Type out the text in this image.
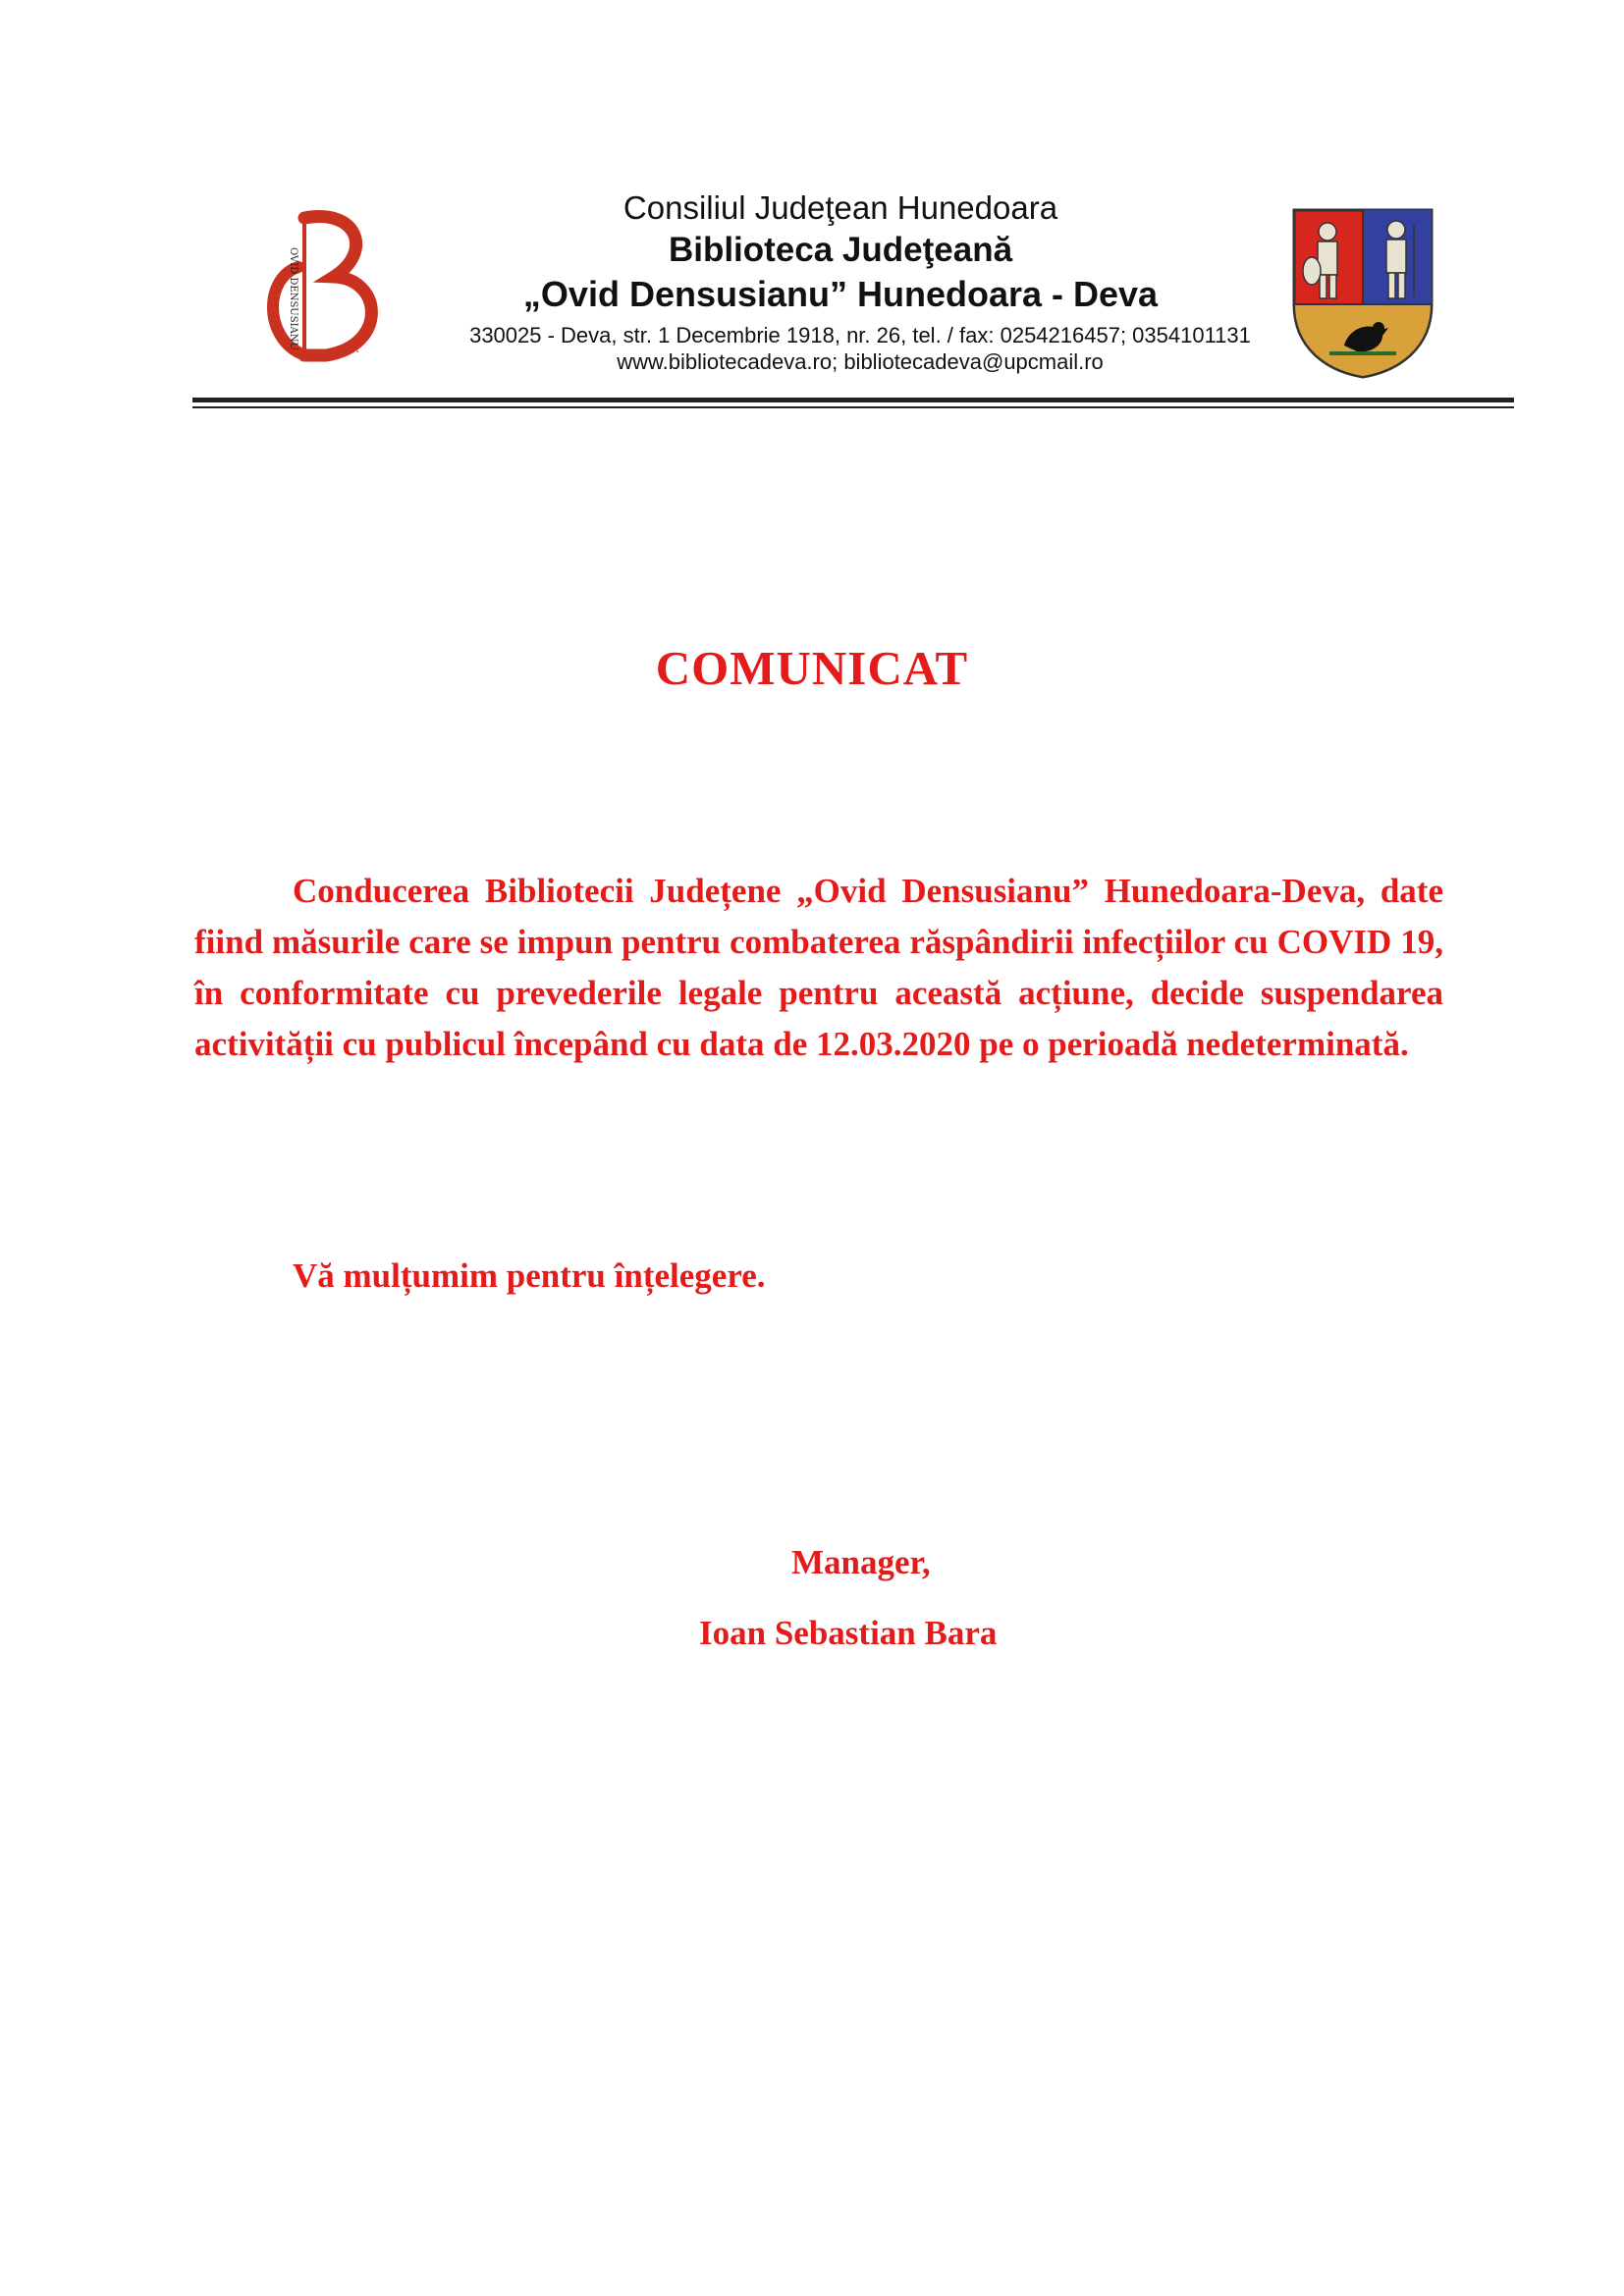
OVID DENSUSIANU	DEVA
Consiliul Judeţean Hunedoara
Biblioteca Judeţeană
„Ovid Densusianu” Hunedoara - Deva
330025 - Deva, str. 1 Decembrie 1918, nr. 26, tel. / fax: 0254216457; 0354101131
www.bibliotecadeva.ro; bibliotecadeva@upcmail.ro
COMUNICAT

Conducerea Bibliotecii Județene „Ovid Densusianu” Hunedoara-Deva, date fiind măsurile care se impun pentru combaterea răspândirii infecțiilor cu COVID 19, în conformitate cu prevederile legale pentru această acțiune, decide suspendarea activității cu publicul începând cu data de 12.03.2020 pe o perioadă nedeterminată.

Vă mulțumim pentru înțelegere.

Manager,

Ioan Sebastian Bara
